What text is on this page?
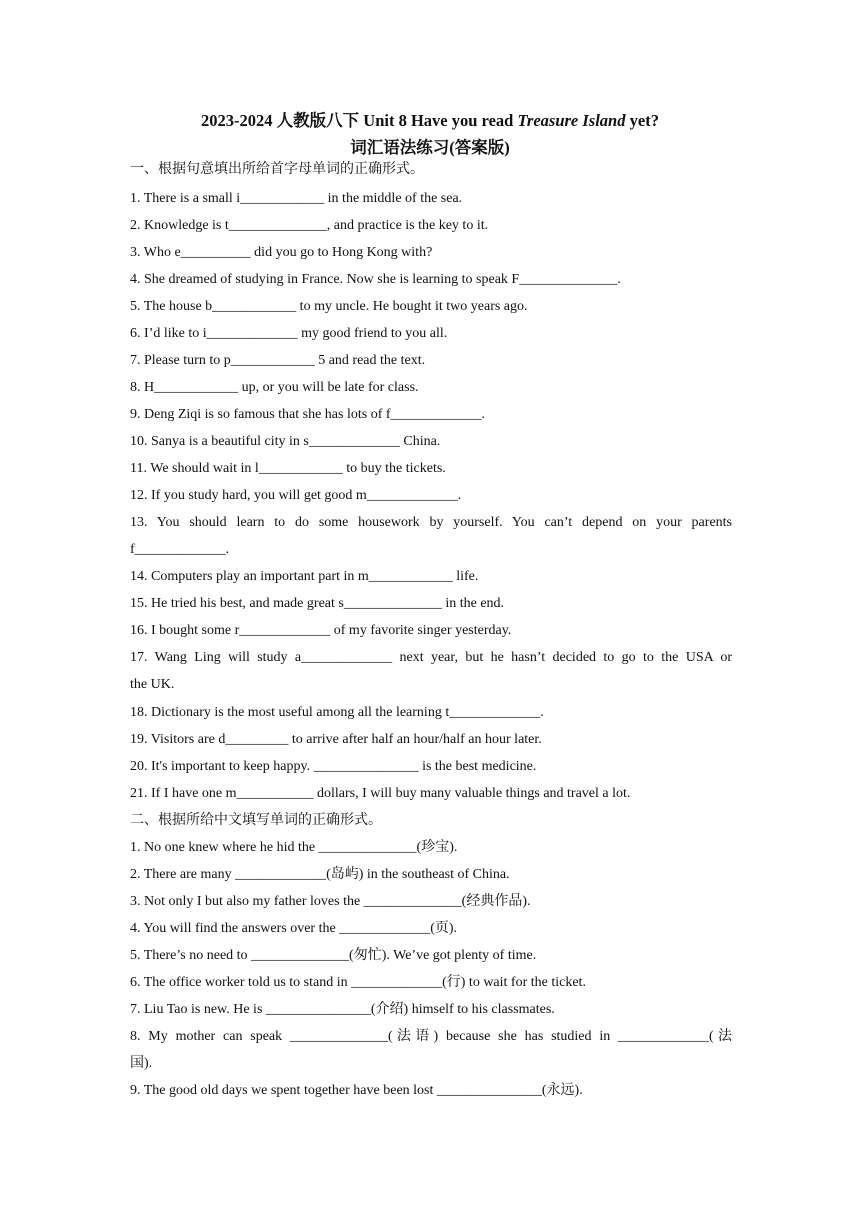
2023-2024 人教版八下 Unit 8 Have you read Treasure Island yet?
词汇语法练习(答案版)
一、根据句意填出所给首字母单词的正确形式。
1. There is a small i____________ in the middle of the sea.
2. Knowledge is t______________, and practice is the key to it.
3. Who e__________ did you go to Hong Kong with?
4. She dreamed of studying in France. Now she is learning to speak F______________.
5. The house b____________ to my uncle. He bought it two years ago.
6. I’d like to i_____________ my good friend to you all.
7. Please turn to p____________ 5 and read the text.
8. H____________ up, or you will be late for class.
9. Deng Ziqi is so famous that she has lots of f_____________.
10. Sanya is a beautiful city in s_____________ China.
11. We should wait in l____________ to buy the tickets.
12. If you study hard, you will get good m_____________.
13. You should learn to do some housework by yourself. You can’t depend on your parents
f_____________.
14. Computers play an important part in m____________ life.
15. He tried his best, and made great s______________ in the end.
16. I bought some r_____________ of my favorite singer yesterday.
17. Wang Ling will study a_____________ next year, but he hasn’t decided to go to the USA or
the UK.
18. Dictionary is the most useful among all the learning t_____________.
19. Visitors are d_________ to arrive after half an hour/half an hour later.
20. It's important to keep happy. _______________ is the best medicine.
21. If I have one m___________ dollars, I will buy many valuable things and travel a lot.
二、根据所给中文填写单词的正确形式。
1. No one knew where he hid the ______________(珍宝).
2. There are many _____________(岛屿) in the southeast of China.
3. Not only I but also my father loves the ______________(经典作品).
4. You will find the answers over the _____________(页).
5. There’s no need to ______________(匆忙). We’ve got plenty of time.
6. The office worker told us to stand in _____________(行) to wait for the ticket.
7. Liu Tao is new. He is _______________(介绍) himself to his classmates.
8. My mother can speak ______________(法语) because she has studied in _____________(法
国).
9. The good old days we spent together have been lost _______________(永远).
